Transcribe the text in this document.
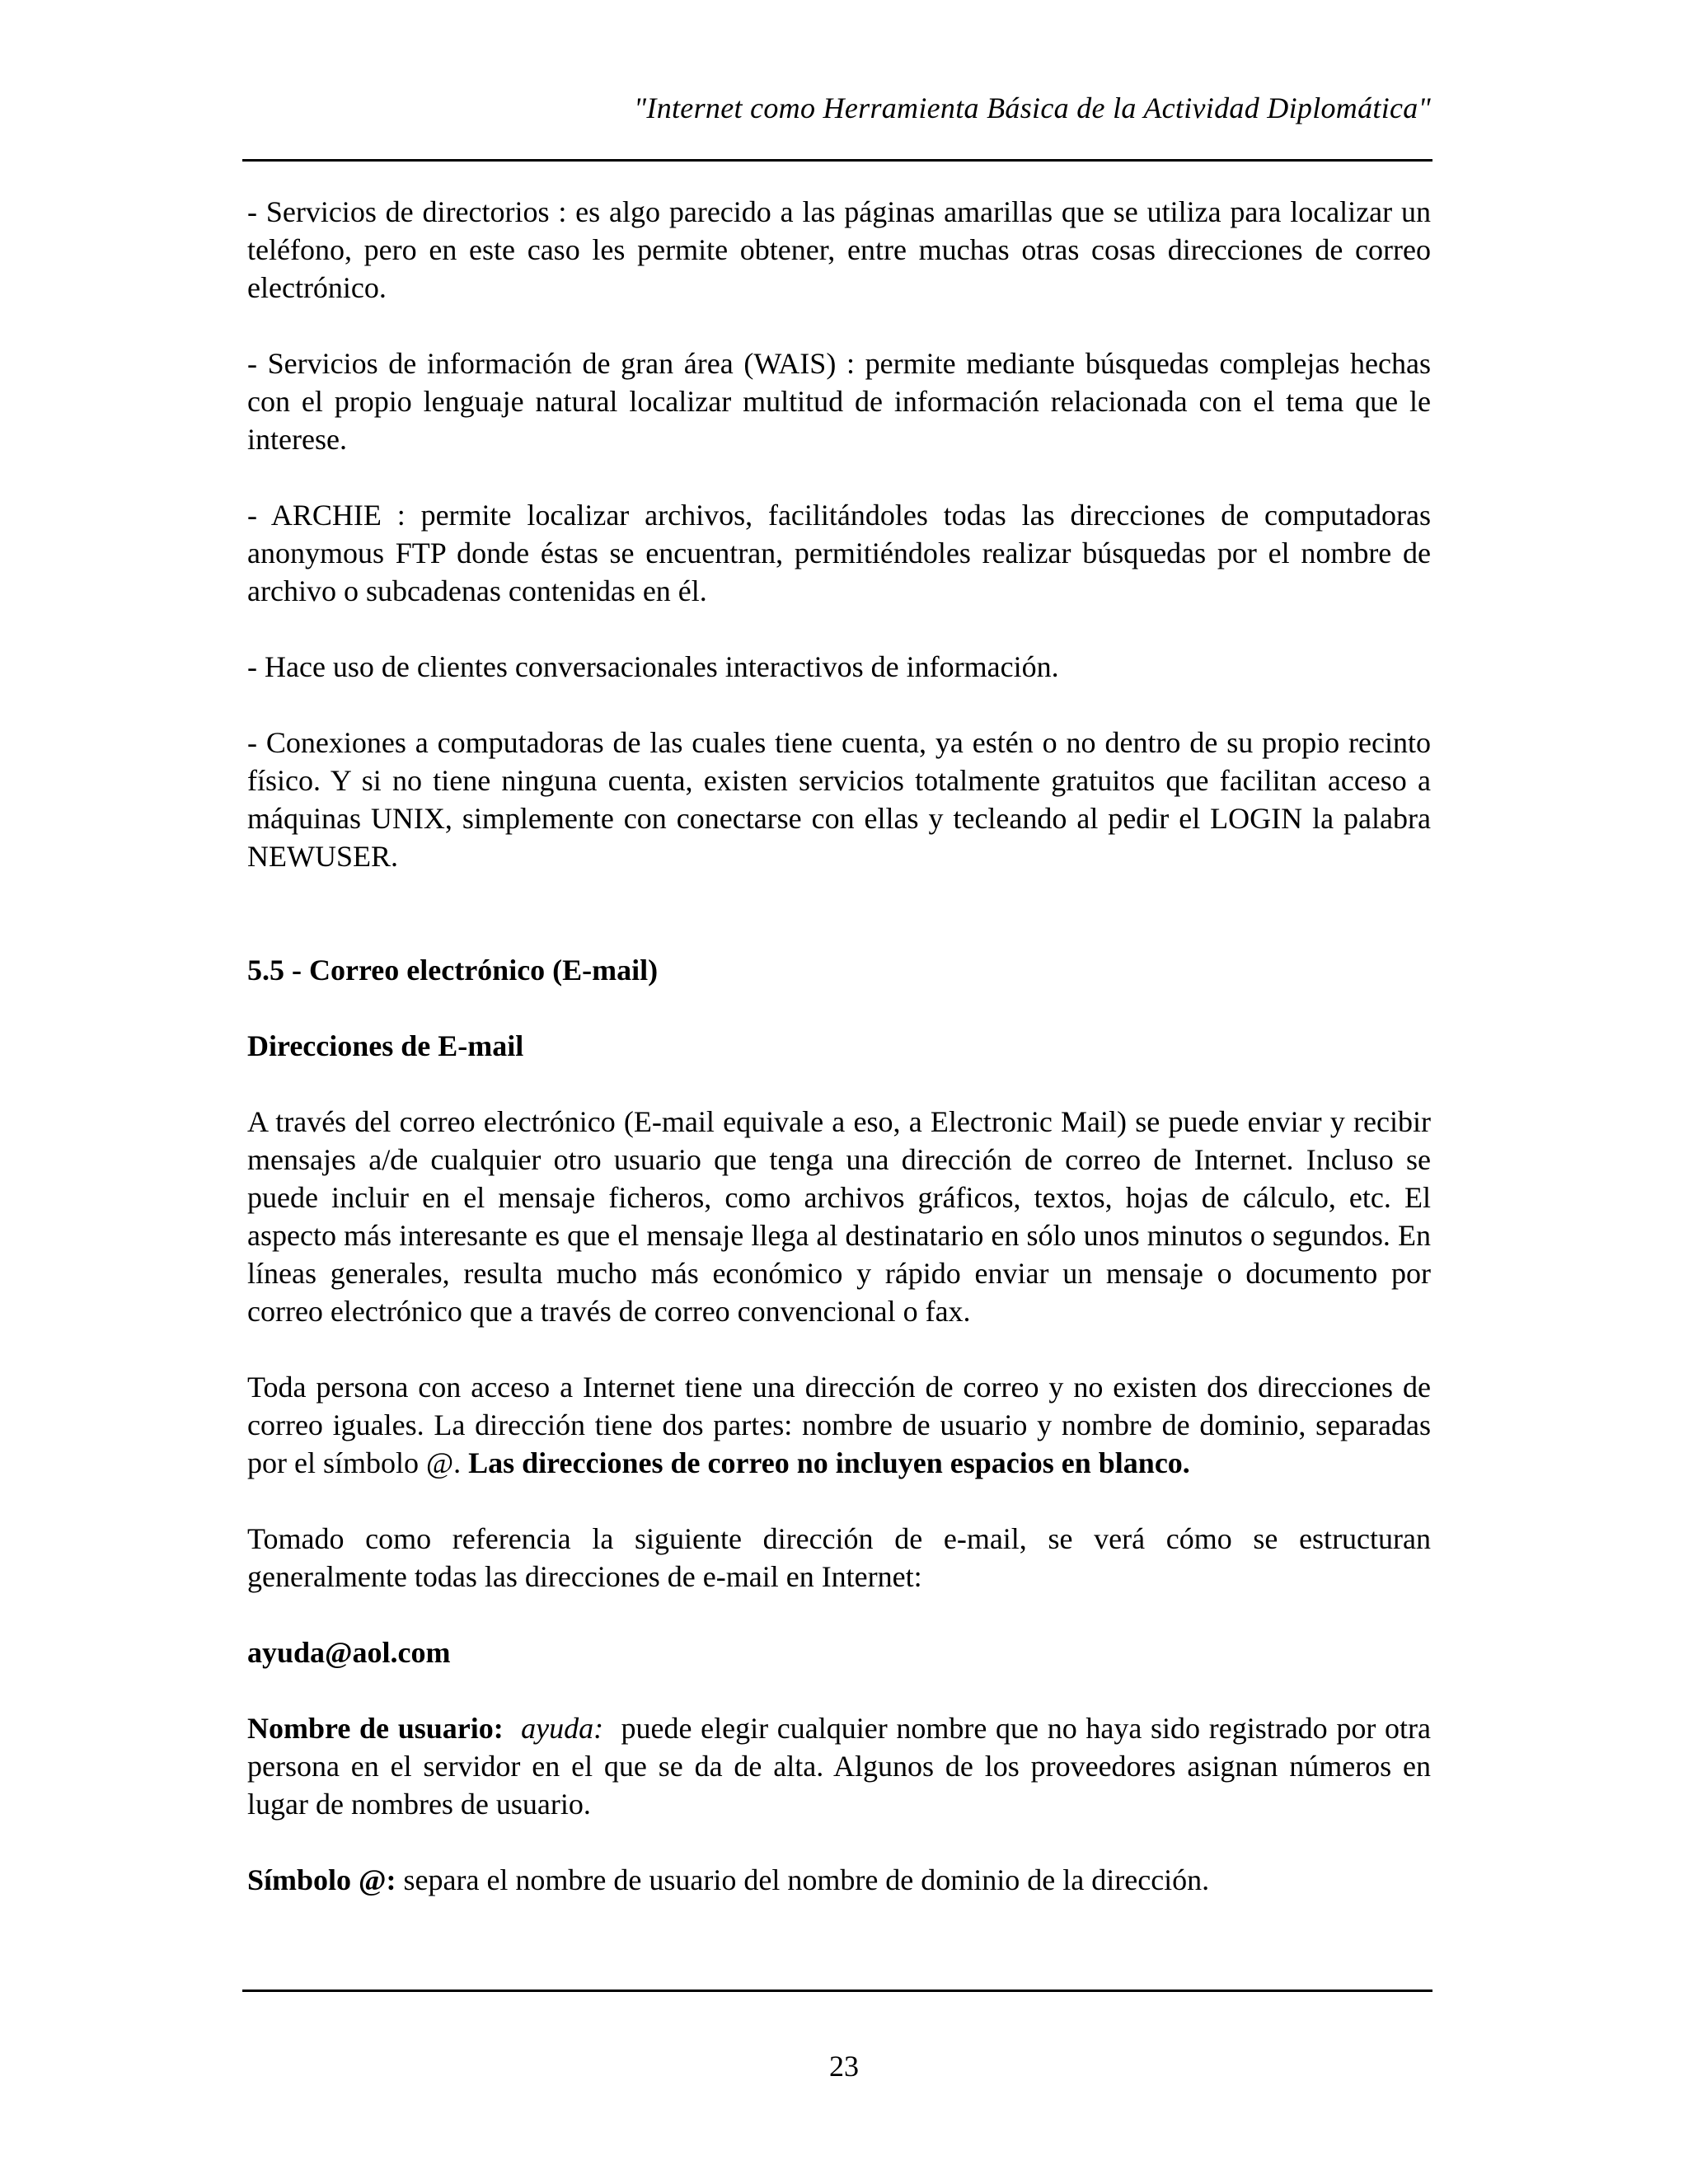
"Internet como Herramienta Básica de la Actividad Diplomática"

- Servicios de directorios : es algo parecido a las páginas amarillas que se utiliza para localizar un teléfono, pero en este caso les permite obtener, entre muchas otras cosas direcciones de correo electrónico.

- Servicios de información de gran área (WAIS) : permite mediante búsquedas complejas hechas con el propio lenguaje natural localizar multitud de información relacionada con el tema que le interese.

- ARCHIE : permite localizar archivos, facilitándoles todas las direcciones de computadoras anonymous FTP donde éstas se encuentran, permitiéndoles realizar búsquedas por el nombre de archivo o subcadenas contenidas en él.

- Hace uso de clientes conversacionales interactivos de información.

- Conexiones a computadoras de las cuales tiene cuenta, ya estén o no dentro de su propio recinto físico. Y si no tiene ninguna cuenta, existen servicios totalmente gratuitos que facilitan acceso a máquinas UNIX, simplemente con conectarse con ellas y tecleando al pedir el LOGIN la palabra NEWUSER.

5.5 - Correo electrónico (E-mail)

Direcciones de E-mail

A través del correo electrónico (E-mail equivale a eso, a Electronic Mail) se puede enviar y recibir mensajes a/de cualquier otro usuario que tenga una dirección de correo de Internet. Incluso se puede incluir en el mensaje ficheros, como archivos gráficos, textos, hojas de cálculo, etc. El aspecto más interesante es que el mensaje llega al destinatario en sólo unos minutos o segundos. En líneas generales, resulta mucho más económico y rápido enviar un mensaje o documento por correo electrónico que a través de correo convencional o fax.

Toda persona con acceso a Internet tiene una dirección de correo y no existen dos direcciones de correo iguales. La dirección tiene dos partes: nombre de usuario y nombre de dominio, separadas por el símbolo @. Las direcciones de correo no incluyen espacios en blanco.

Tomado como referencia la siguiente dirección de e-mail, se verá cómo se estructuran generalmente todas las direcciones de e-mail en Internet:

ayuda@aol.com

Nombre de usuario: ayuda: puede elegir cualquier nombre que no haya sido registrado por otra persona en el servidor en el que se da de alta. Algunos de los proveedores asignan números en lugar de nombres de usuario.

Símbolo @: separa el nombre de usuario del nombre de dominio de la dirección.

23
